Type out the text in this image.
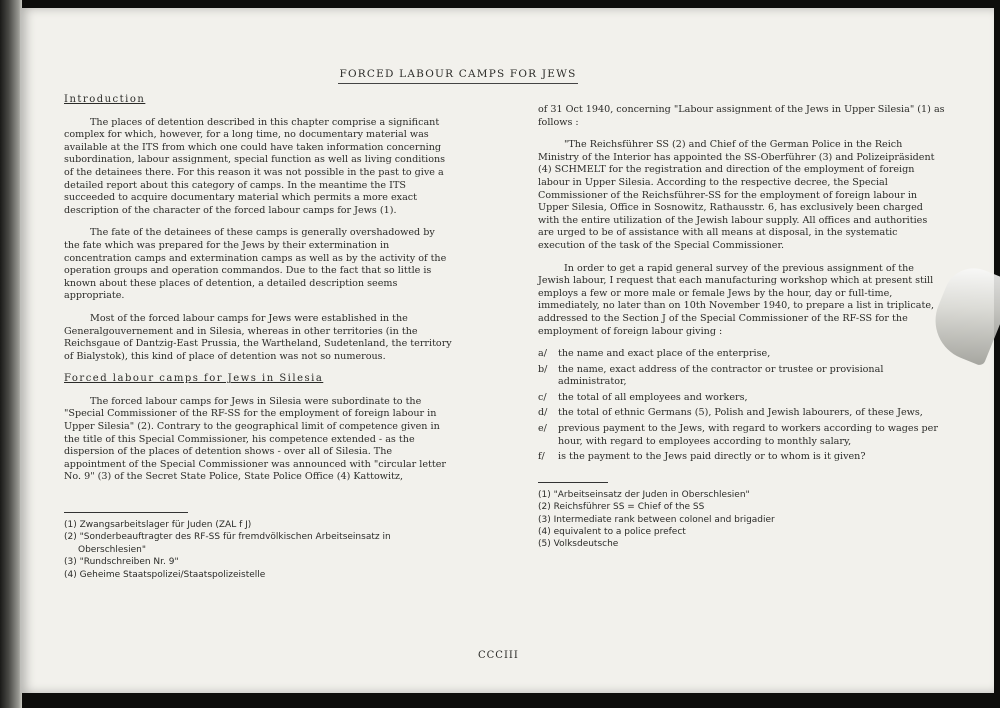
FORCED LABOUR CAMPS FOR JEWS
Introduction

The places of detention described in this chapter comprise a significant complex for which, however, for a long time, no documentary material was available at the ITS from which one could have taken information concerning subordination, labour assignment, special function as well as living conditions of the detainees there. For this reason it was not possible in the past to give a detailed report about this category of camps. In the meantime the ITS succeeded to acquire documentary material which permits a more exact description of the character of the forced labour camps for Jews (1).

The fate of the detainees of these camps is generally overshadowed by the fate which was prepared for the Jews by their extermination in concentration camps and extermination camps as well as by the activity of the operation groups and operation commandos. Due to the fact that so little is known about these places of detention, a detailed description seems appropriate.

Most of the forced labour camps for Jews were established in the Generalgouvernement and in Silesia, whereas in other territories (in the Reichsgaue of Dantzig-East Prussia, the Wartheland, Sudetenland, the territory of Bialystok), this kind of place of detention was not so numerous.

Forced labour camps for Jews in Silesia

The forced labour camps for Jews in Silesia were subordinate to the "Special Commissioner of the RF-SS for the employment of foreign labour in Upper Silesia" (2). Contrary to the geographical limit of competence given in the title of this Special Commissioner, his competence extended - as the dispersion of the places of detention shows - over all of Silesia. The appointment of the Special Commissioner was announced with "circular letter No. 9" (3) of the Secret State Police, State Police Office (4) Kattowitz,

(1) Zwangsarbeitslager für Juden (ZAL f J)
(2) "Sonderbeauftragter des RF-SS für fremdvölkischen Arbeitseinsatz in Oberschlesien"
(3) "Rundschreiben Nr. 9"
(4) Geheime Staatspolizei/Staatspolizeistelle

of 31 Oct 1940, concerning "Labour assignment of the Jews in Upper Silesia" (1) as follows :

"The Reichsführer SS (2) and Chief of the German Police in the Reich Ministry of the Interior has appointed the SS-Oberführer (3) and Polizeipräsident (4) SCHMELT for the registration and direction of the employment of foreign labour in Upper Silesia. According to the respective decree, the Special Commissioner of the Reichsführer-SS for the employment of foreign labour in Upper Silesia, Office in Sosnowitz, Rathausstr. 6, has exclusively been charged with the entire utilization of the Jewish labour supply. All offices and authorities are urged to be of assistance with all means at disposal, in the systematic execution of the task of the Special Commissioner.

In order to get a rapid general survey of the previous assignment of the Jewish labour, I request that each manufacturing workshop which at present still employs a few or more male or female Jews by the hour, day or full-time, immediately, no later than on 10th November 1940, to prepare a list in triplicate, addressed to the Section J of the Special Commissioner of the RF-SS for the employment of foreign labour giving :

a/ the name and exact place of the enterprise,
b/ the name, exact address of the contractor or trustee or provisional administrator,
c/ the total of all employees and workers,
d/ the total of ethnic Germans (5), Polish and Jewish labourers, of these Jews,
e/ previous payment to the Jews, with regard to workers according to wages per hour, with regard to employees according to monthly salary,
f/ is the payment to the Jews paid directly or to whom is it given?
(1) "Arbeitseinsatz der Juden in Oberschlesien"
(2) Reichsführer SS = Chief of the SS
(3) Intermediate rank between colonel and brigadier
(4) equivalent to a police prefect
(5) Volksdeutsche
CCCIII
